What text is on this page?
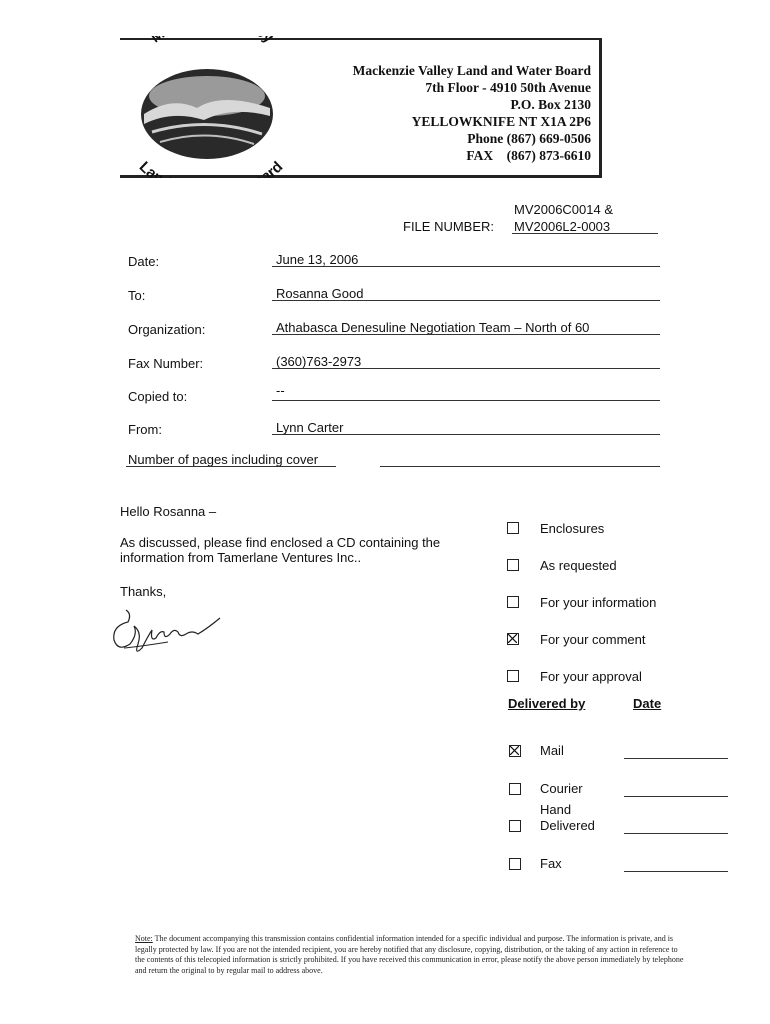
Mackenzie Valley Land and Water Board
7th Floor - 4910 50th Avenue
P.O. Box 2130
YELLOWKNIFE NT X1A 2P6
Phone (867) 669-0506
FAX    (867) 873-6610
y
Lan ard
MV2006C0014 &
FILE NUMBER: MV2006L2-0003
Date:	June 13, 2006
To:	Rosanna Good
Organization:	Athabasca Denesuline Negotiation Team – North of 60
Fax Number:	(360)763-2973
Copied to:	--
From:	Lynn Carter
Number of pages including cover
Hello Rosanna –
As discussed, please find enclosed a CD containing the information from Tamerlane Ventures Inc..
Thanks,
Enclosures
As requested
For your information
For your comment
For your approval
Delivered by	Date
Mail
Courier
Hand
Delivered
Fax
Note: The document accompanying this transmission contains confidential information intended for a specific individual and purpose. The information is private, and is legally protected by law. If you are not the intended recipient, you are hereby notified that any disclosure, copying, distribution, or the taking of any action in reference to the contents of this telecopied information is strictly prohibited. If you have received this communication in error, please notify the above person immediately by telephone and return the original to by regular mail to address above.
